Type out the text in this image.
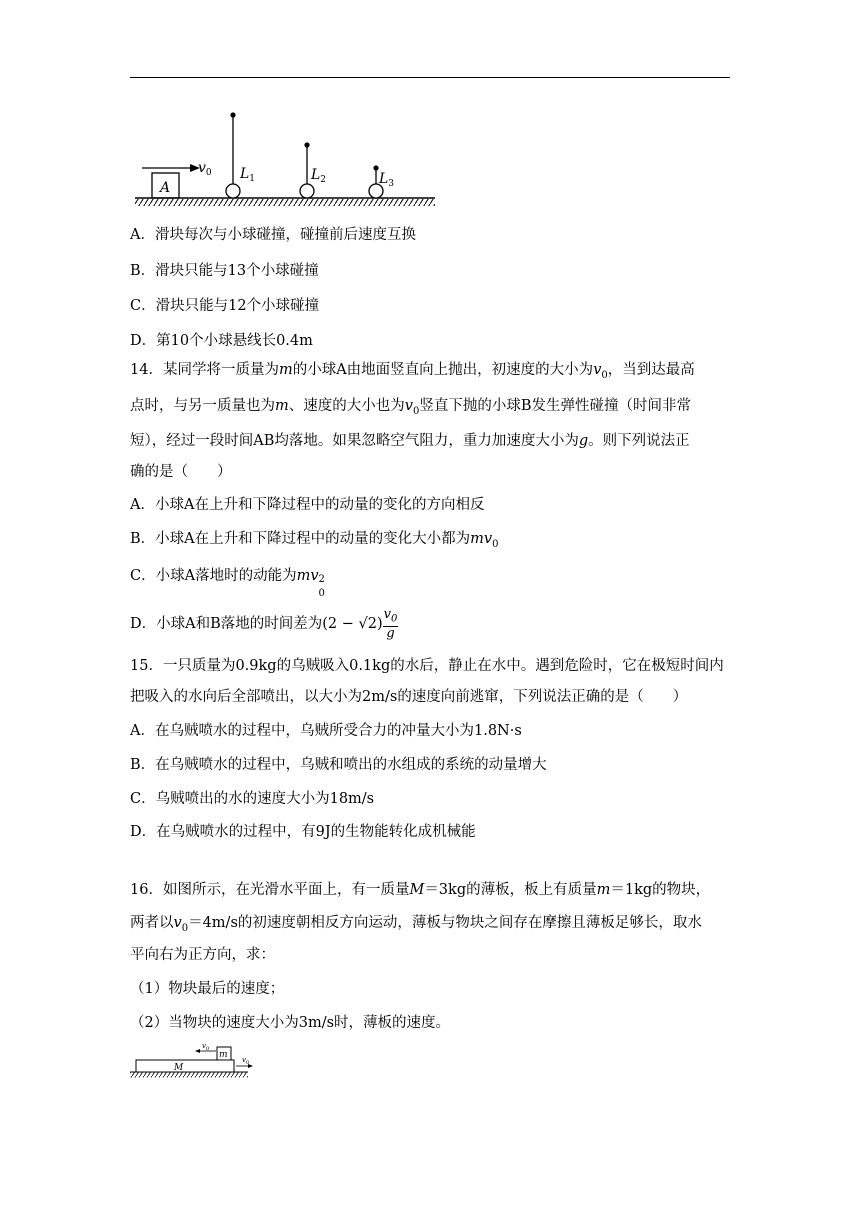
A
$v_0$ $L_1$	$L_2$	$L_3$
A．滑块每次与小球碰撞，碰撞前后速度互换
B．滑块只能与13个小球碰撞
C．滑块只能与12个小球碰撞
D．第10个小球悬线长0.4m
14．某同学将一质量为m的小球A由地面竖直向上抛出，初速度的大小为$v_0$，当到达最高
点时，与另一质量也为m、速度的大小也为$v_0$竖直下抛的小球B发生弹性碰撞（时间非常
短），经过一段时间AB均落地。如果忽略空气阻力，重力加速度大小为g。则下列说法正
确的是（　　）
A．小球A在上升和下降过程中的动量的变化的方向相反
B．小球A在上升和下降过程中的动量的变化大小都为$mv_0$
C．小球A落地时的动能为mv 2
0
D．小球A和B落地的时间差为$(2 - √2) \frac{v_0}{g}$
15．一只质量为0.9kg的乌贼吸入0.1kg的水后，静止在水中。遇到危险时，它在极短时间内
把吸入的水向后全部喷出，以大小为2m/s的速度向前逃窜，下列说法正确的是（　　）
A．在乌贼喷水的过程中，乌贼所受合力的冲量大小为1.8N·s
B．在乌贼喷水的过程中，乌贼和喷出的水组成的系统的动量增大
C．乌贼喷出的水的速度大小为18m/s
D．在乌贼喷水的过程中，有9J的生物能转化成机械能
16．如图所示，在光滑水平面上，有一质量M＝3kg的薄板，板上有质量m＝1kg的物块，
两者以$v_0=4m/s$的初速度朝相反方向运动，薄板与物块之间存在摩擦且薄板足够长，取水
平向右为正方向，求：
（1）物块最后的速度；
（2）当物块的速度大小为3m/s时，薄板的速度。
M
m
$v_0$
$v_0$
